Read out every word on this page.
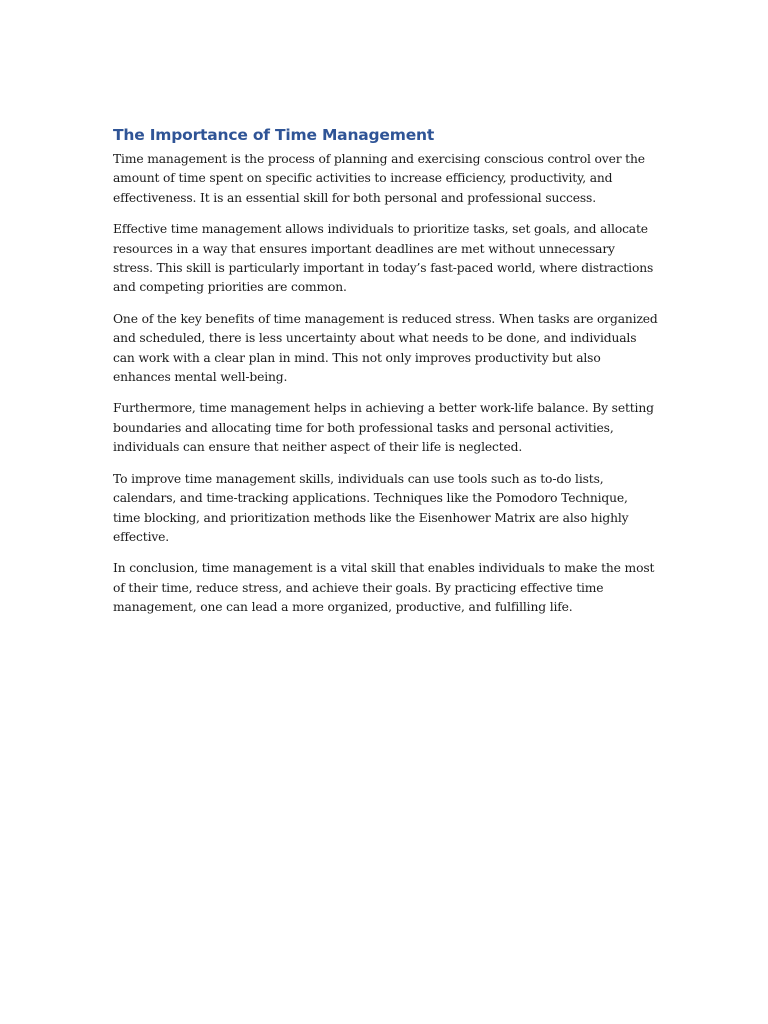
The Importance of Time Management

Time management is the process of planning and exercising conscious control over the amount of time spent on specific activities to increase efficiency, productivity, and effectiveness. It is an essential skill for both personal and professional success.

Effective time management allows individuals to prioritize tasks, set goals, and allocate resources in a way that ensures important deadlines are met without unnecessary stress. This skill is particularly important in today’s fast-paced world, where distractions and competing priorities are common.

One of the key benefits of time management is reduced stress. When tasks are organized and scheduled, there is less uncertainty about what needs to be done, and individuals can work with a clear plan in mind. This not only improves productivity but also enhances mental well-being.

Furthermore, time management helps in achieving a better work-life balance. By setting boundaries and allocating time for both professional tasks and personal activities, individuals can ensure that neither aspect of their life is neglected.

To improve time management skills, individuals can use tools such as to-do lists, calendars, and time-tracking applications. Techniques like the Pomodoro Technique, time blocking, and prioritization methods like the Eisenhower Matrix are also highly effective.

In conclusion, time management is a vital skill that enables individuals to make the most of their time, reduce stress, and achieve their goals. By practicing effective time management, one can lead a more organized, productive, and fulfilling life.
